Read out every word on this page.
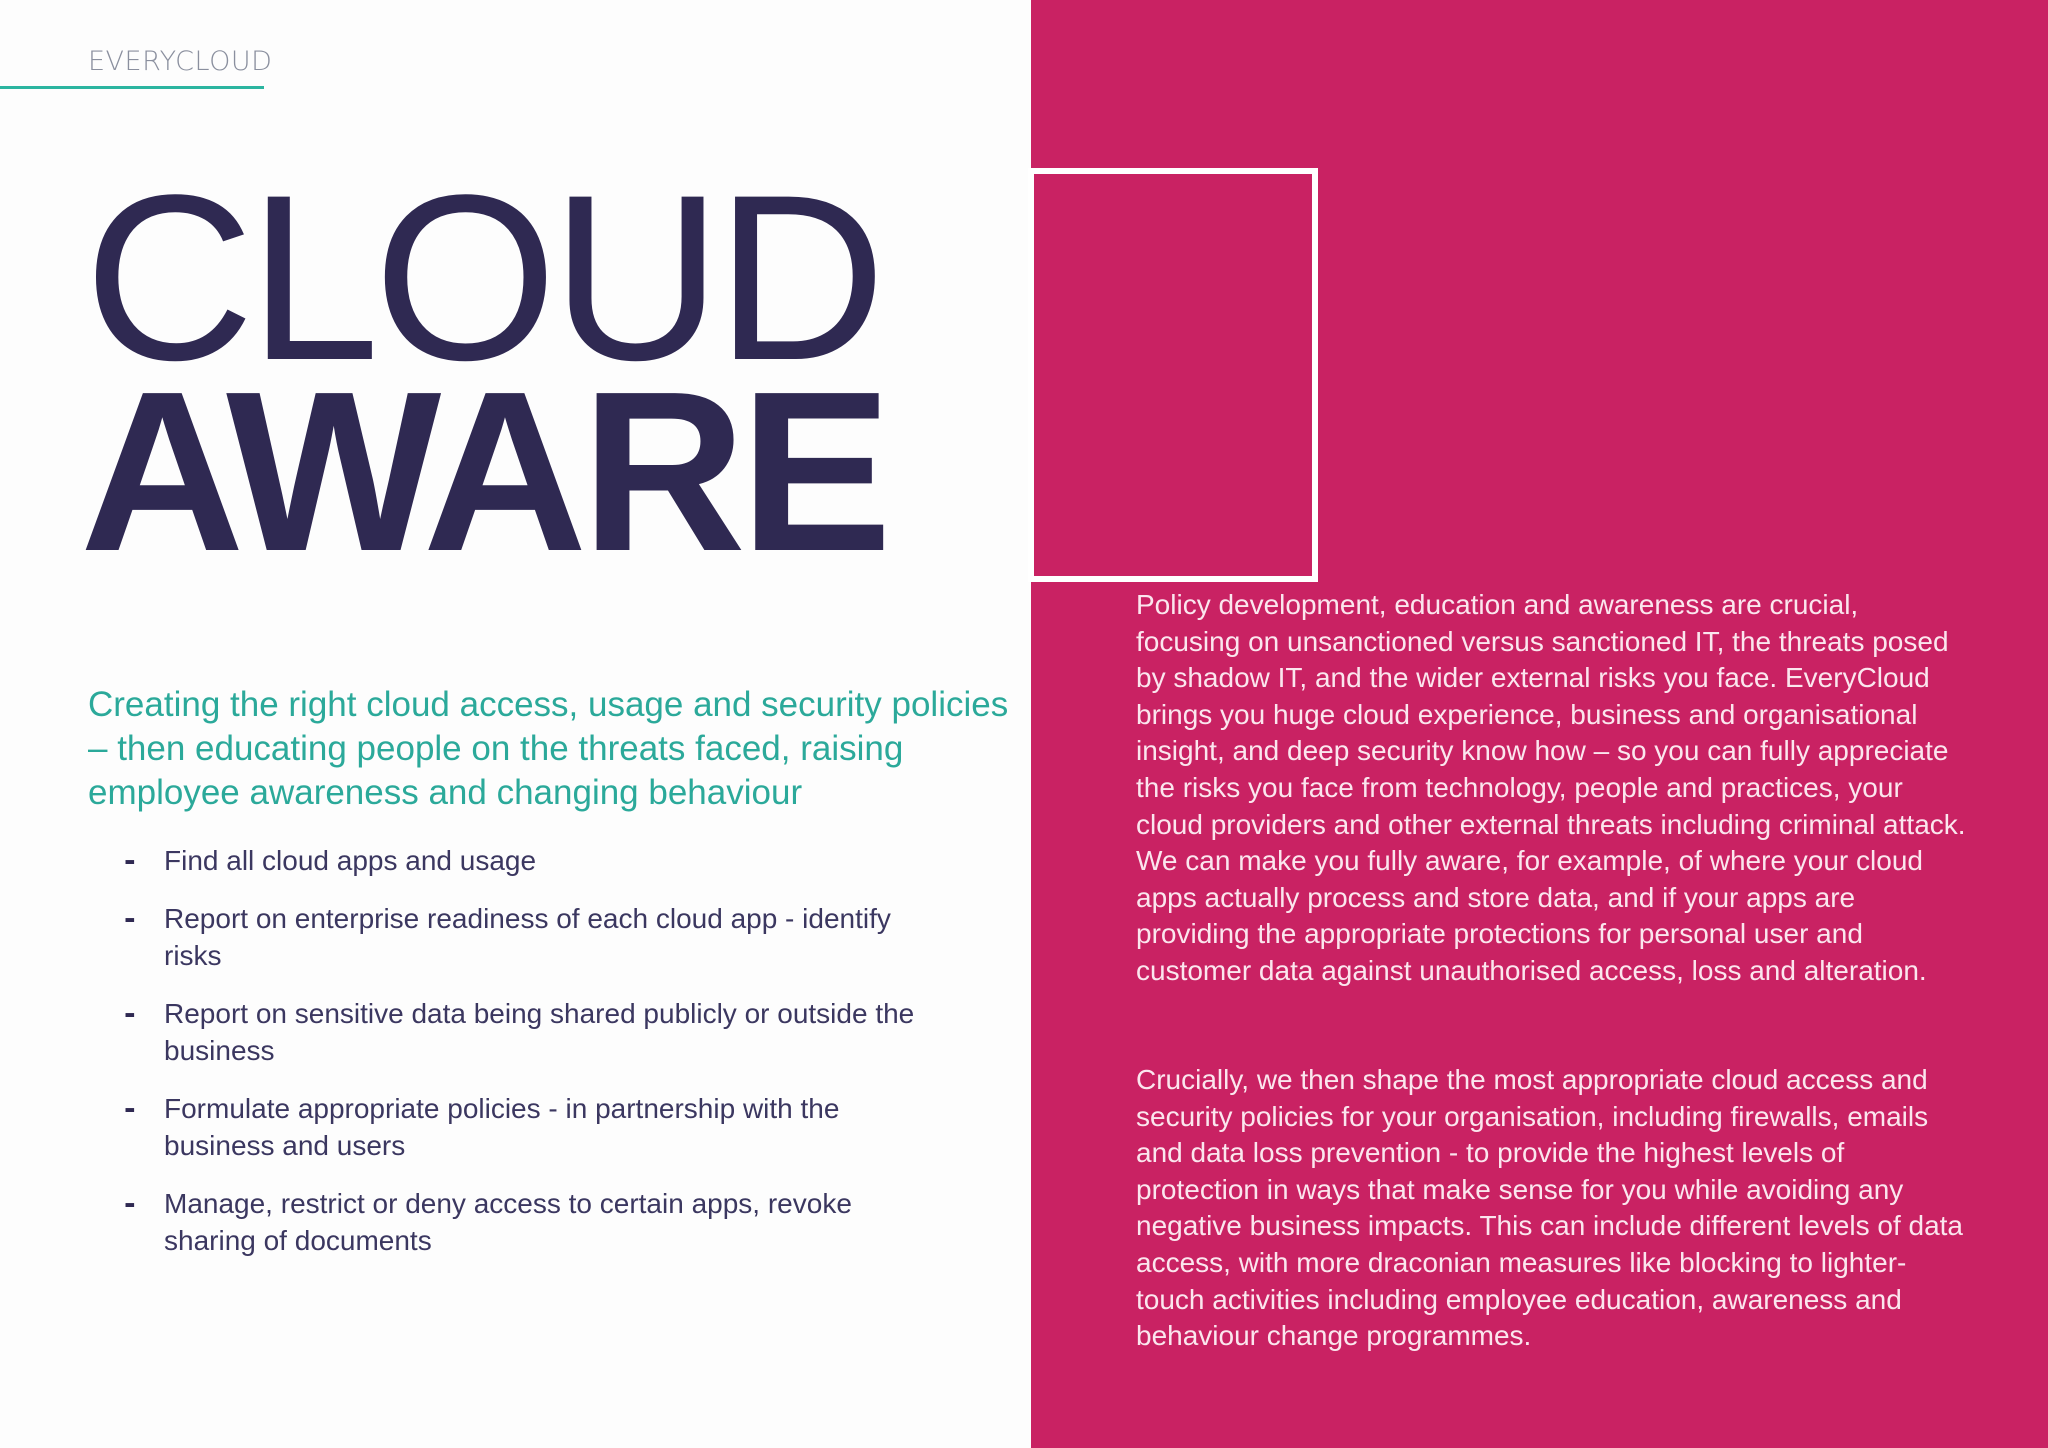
EVERYCLOUD
CLOUD
AWARE
Creating the right cloud access, usage and security policies – then educating people on the threats faced, raising employee awareness and changing behaviour
-	Find all cloud apps and usage
-	Report on enterprise readiness of each cloud app - identify risks
-	Report on sensitive data being shared publicly or outside the business
-	Formulate appropriate policies - in partnership with the business and users
-	Manage, restrict or deny access to certain apps, revoke sharing of documents

Policy development, education and awareness are crucial, focusing on unsanctioned versus sanctioned IT, the threats posed by shadow IT, and the wider external risks you face. EveryCloud brings you huge cloud experience, business and organisational insight, and deep security know how – so you can fully appreciate the risks you face from technology, people and practices, your cloud providers and other external threats including criminal attack. We can make you fully aware, for example, of where your cloud apps actually process and store data, and if your apps are providing the appropriate protections for personal user and customer data against unauthorised access, loss and alteration.

Crucially, we then shape the most appropriate cloud access and security policies for your organisation, including firewalls, emails and data loss prevention - to provide the highest levels of protection in ways that make sense for you while avoiding any negative business impacts. This can include different levels of data access, with more draconian measures like blocking to lighter-touch activities including employee education, awareness and behaviour change programmes.
